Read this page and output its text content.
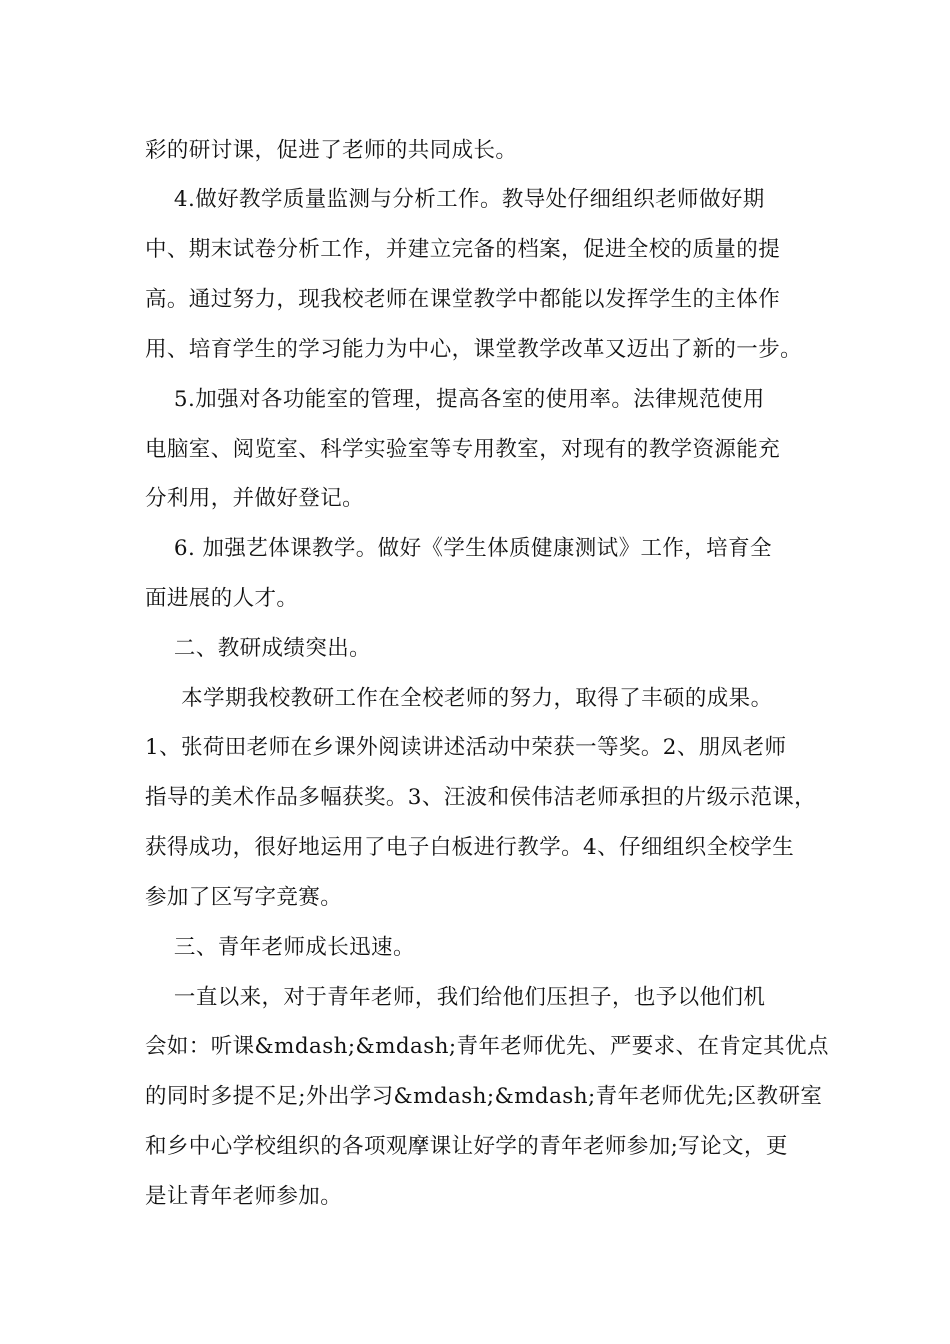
彩的研讨课，促进了老师的共同成长。
4.做好教学质量监测与分析工作。教导处仔细组织老师做好期
中、期末试卷分析工作，并建立完备的档案，促进全校的质量的提
高。通过努力，现我校老师在课堂教学中都能以发挥学生的主体作
用、培育学生的学习能力为中心，课堂教学改革又迈出了新的一步。
5.加强对各功能室的管理，提高各室的使用率。法律规范使用
电脑室、阅览室、科学实验室等专用教室，对现有的教学资源能充
分利用，并做好登记。
6. 加强艺体课教学。做好《学生体质健康测试》工作，培育全
面进展的人才。
二、教研成绩突出。
本学期我校教研工作在全校老师的努力，取得了丰硕的成果。
1、张荷田老师在乡课外阅读讲述活动中荣获一等奖。2、朋凤老师
指导的美术作品多幅获奖。3、汪波和侯伟洁老师承担的片级示范课，
获得成功，很好地运用了电子白板进行教学。4、仔细组织全校学生
参加了区写字竞赛。
三、青年老师成长迅速。
一直以来，对于青年老师，我们给他们压担子，也予以他们机
会如：听课&mdash;&mdash;青年老师优先、严要求、在肯定其优点
的同时多提不足;外出学习&mdash;&mdash;青年老师优先;区教研室
和乡中心学校组织的各项观摩课让好学的青年老师参加;写论文，更
是让青年老师参加。
